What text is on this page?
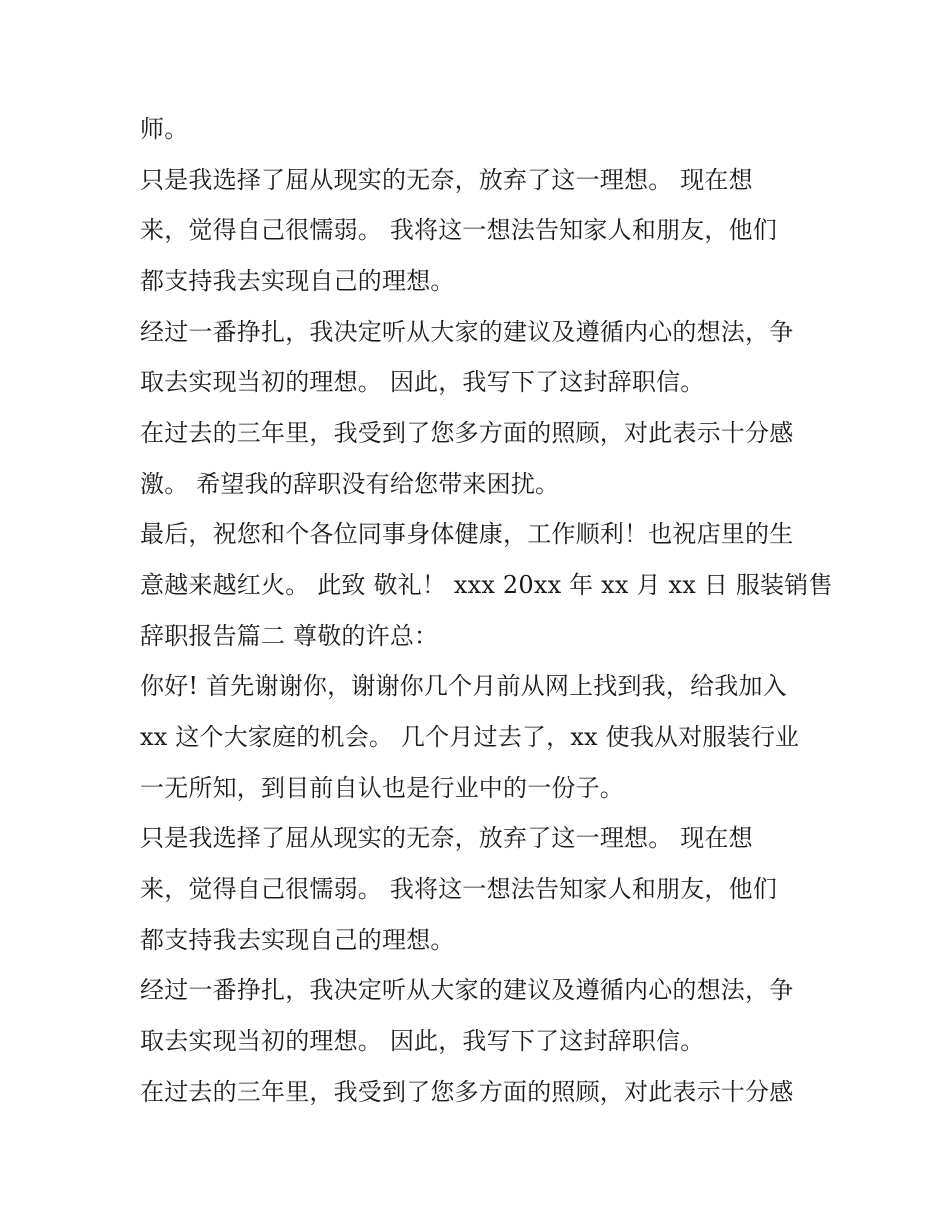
师。
只是我选择了屈从现实的无奈，放弃了这一理想。 现在想
来，觉得自己很懦弱。 我将这一想法告知家人和朋友，他们
都支持我去实现自己的理想。
经过一番挣扎，我决定听从大家的建议及遵循内心的想法，争
取去实现当初的理想。 因此，我写下了这封辞职信。
在过去的三年里，我受到了您多方面的照顾，对此表示十分感
激。 希望我的辞职没有给您带来困扰。
最后，祝您和个各位同事身体健康，工作顺利！也祝店里的生
意越来越红火。 此致 敬礼！ xxx 20xx 年 xx 月 xx 日 服装销售
辞职报告篇二 尊敬的许总：
你好! 首先谢谢你，谢谢你几个月前从网上找到我，给我加入
xx 这个大家庭的机会。 几个月过去了，xx 使我从对服装行业
一无所知，到目前自认也是行业中的一份子。
只是我选择了屈从现实的无奈，放弃了这一理想。 现在想
来，觉得自己很懦弱。 我将这一想法告知家人和朋友，他们
都支持我去实现自己的理想。
经过一番挣扎，我决定听从大家的建议及遵循内心的想法，争
取去实现当初的理想。 因此，我写下了这封辞职信。
在过去的三年里，我受到了您多方面的照顾，对此表示十分感
